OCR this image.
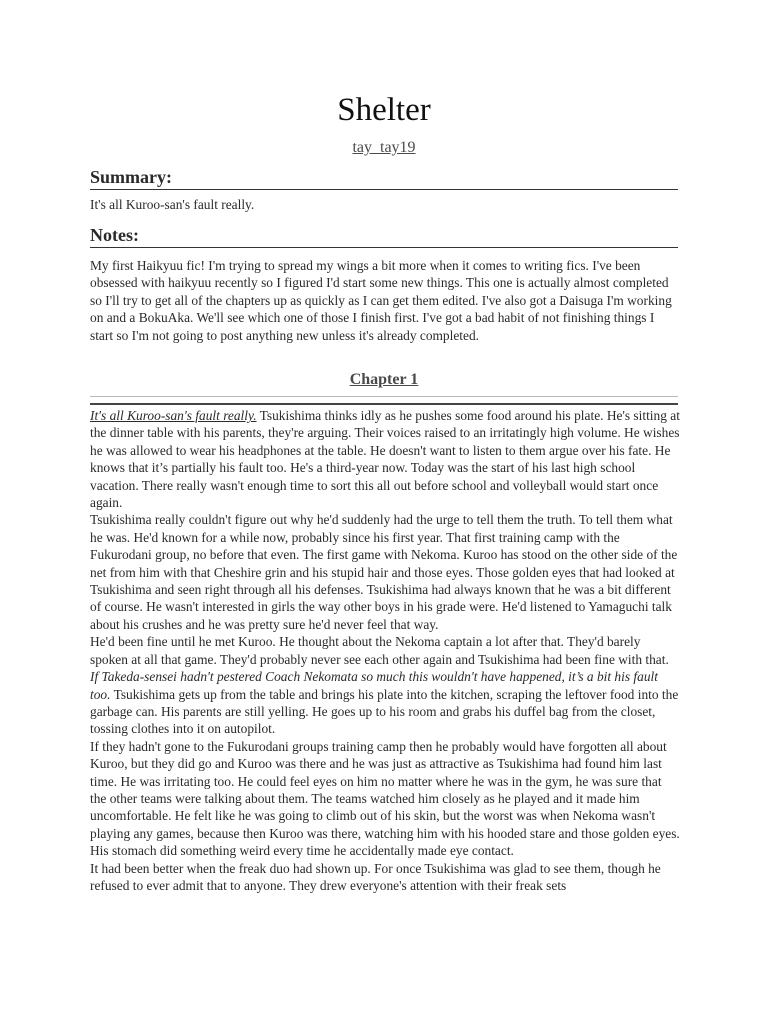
Shelter
tay_tay19
Summary:

It's all Kuroo-san's fault really.

Notes:

My first Haikyuu fic! I'm trying to spread my wings a bit more when it comes to writing fics. I've been obsessed with haikyuu recently so I figured I'd start some new things. This one is actually almost completed so I'll try to get all of the chapters up as quickly as I can get them edited. I've also got a Daisuga I'm working on and a BokuAka. We'll see which one of those I finish first. I've got a bad habit of not finishing things I start so I'm not going to post anything new unless it's already completed.

Chapter 1

It's all Kuroo-san's fault really. Tsukishima thinks idly as he pushes some food around his plate. He's sitting at the dinner table with his parents, they're arguing. Their voices raised to an irritatingly high volume. He wishes he was allowed to wear his headphones at the table. He doesn't want to listen to them argue over his fate. He knows that it’s partially his fault too. He's a third-year now. Today was the start of his last high school vacation. There really wasn't enough time to sort this all out before school and volleyball would start once again.

Tsukishima really couldn't figure out why he'd suddenly had the urge to tell them the truth. To tell them what he was. He'd known for a while now, probably since his first year. That first training camp with the Fukurodani group, no before that even. The first game with Nekoma. Kuroo has stood on the other side of the net from him with that Cheshire grin and his stupid hair and those eyes. Those golden eyes that had looked at Tsukishima and seen right through all his defenses. Tsukishima had always known that he was a bit different of course. He wasn't interested in girls the way other boys in his grade were. He'd listened to Yamaguchi talk about his crushes and he was pretty sure he'd never feel that way.

He'd been fine until he met Kuroo. He thought about the Nekoma captain a lot after that. They'd barely spoken at all that game. They'd probably never see each other again and Tsukishima had been fine with that. If Takeda-sensei hadn't pestered Coach Nekomata so much this wouldn't have happened, it’s a bit his fault too. Tsukishima gets up from the table and brings his plate into the kitchen, scraping the leftover food into the garbage can. His parents are still yelling. He goes up to his room and grabs his duffel bag from the closet, tossing clothes into it on autopilot.

If they hadn't gone to the Fukurodani groups training camp then he probably would have forgotten all about Kuroo, but they did go and Kuroo was there and he was just as attractive as Tsukishima had found him last time. He was irritating too. He could feel eyes on him no matter where he was in the gym, he was sure that the other teams were talking about them. The teams watched him closely as he played and it made him uncomfortable. He felt like he was going to climb out of his skin, but the worst was when Nekoma wasn't playing any games, because then Kuroo was there, watching him with his hooded stare and those golden eyes. His stomach did something weird every time he accidentally made eye contact.

It had been better when the freak duo had shown up. For once Tsukishima was glad to see them, though he refused to ever admit that to anyone. They drew everyone's attention with their freak sets
